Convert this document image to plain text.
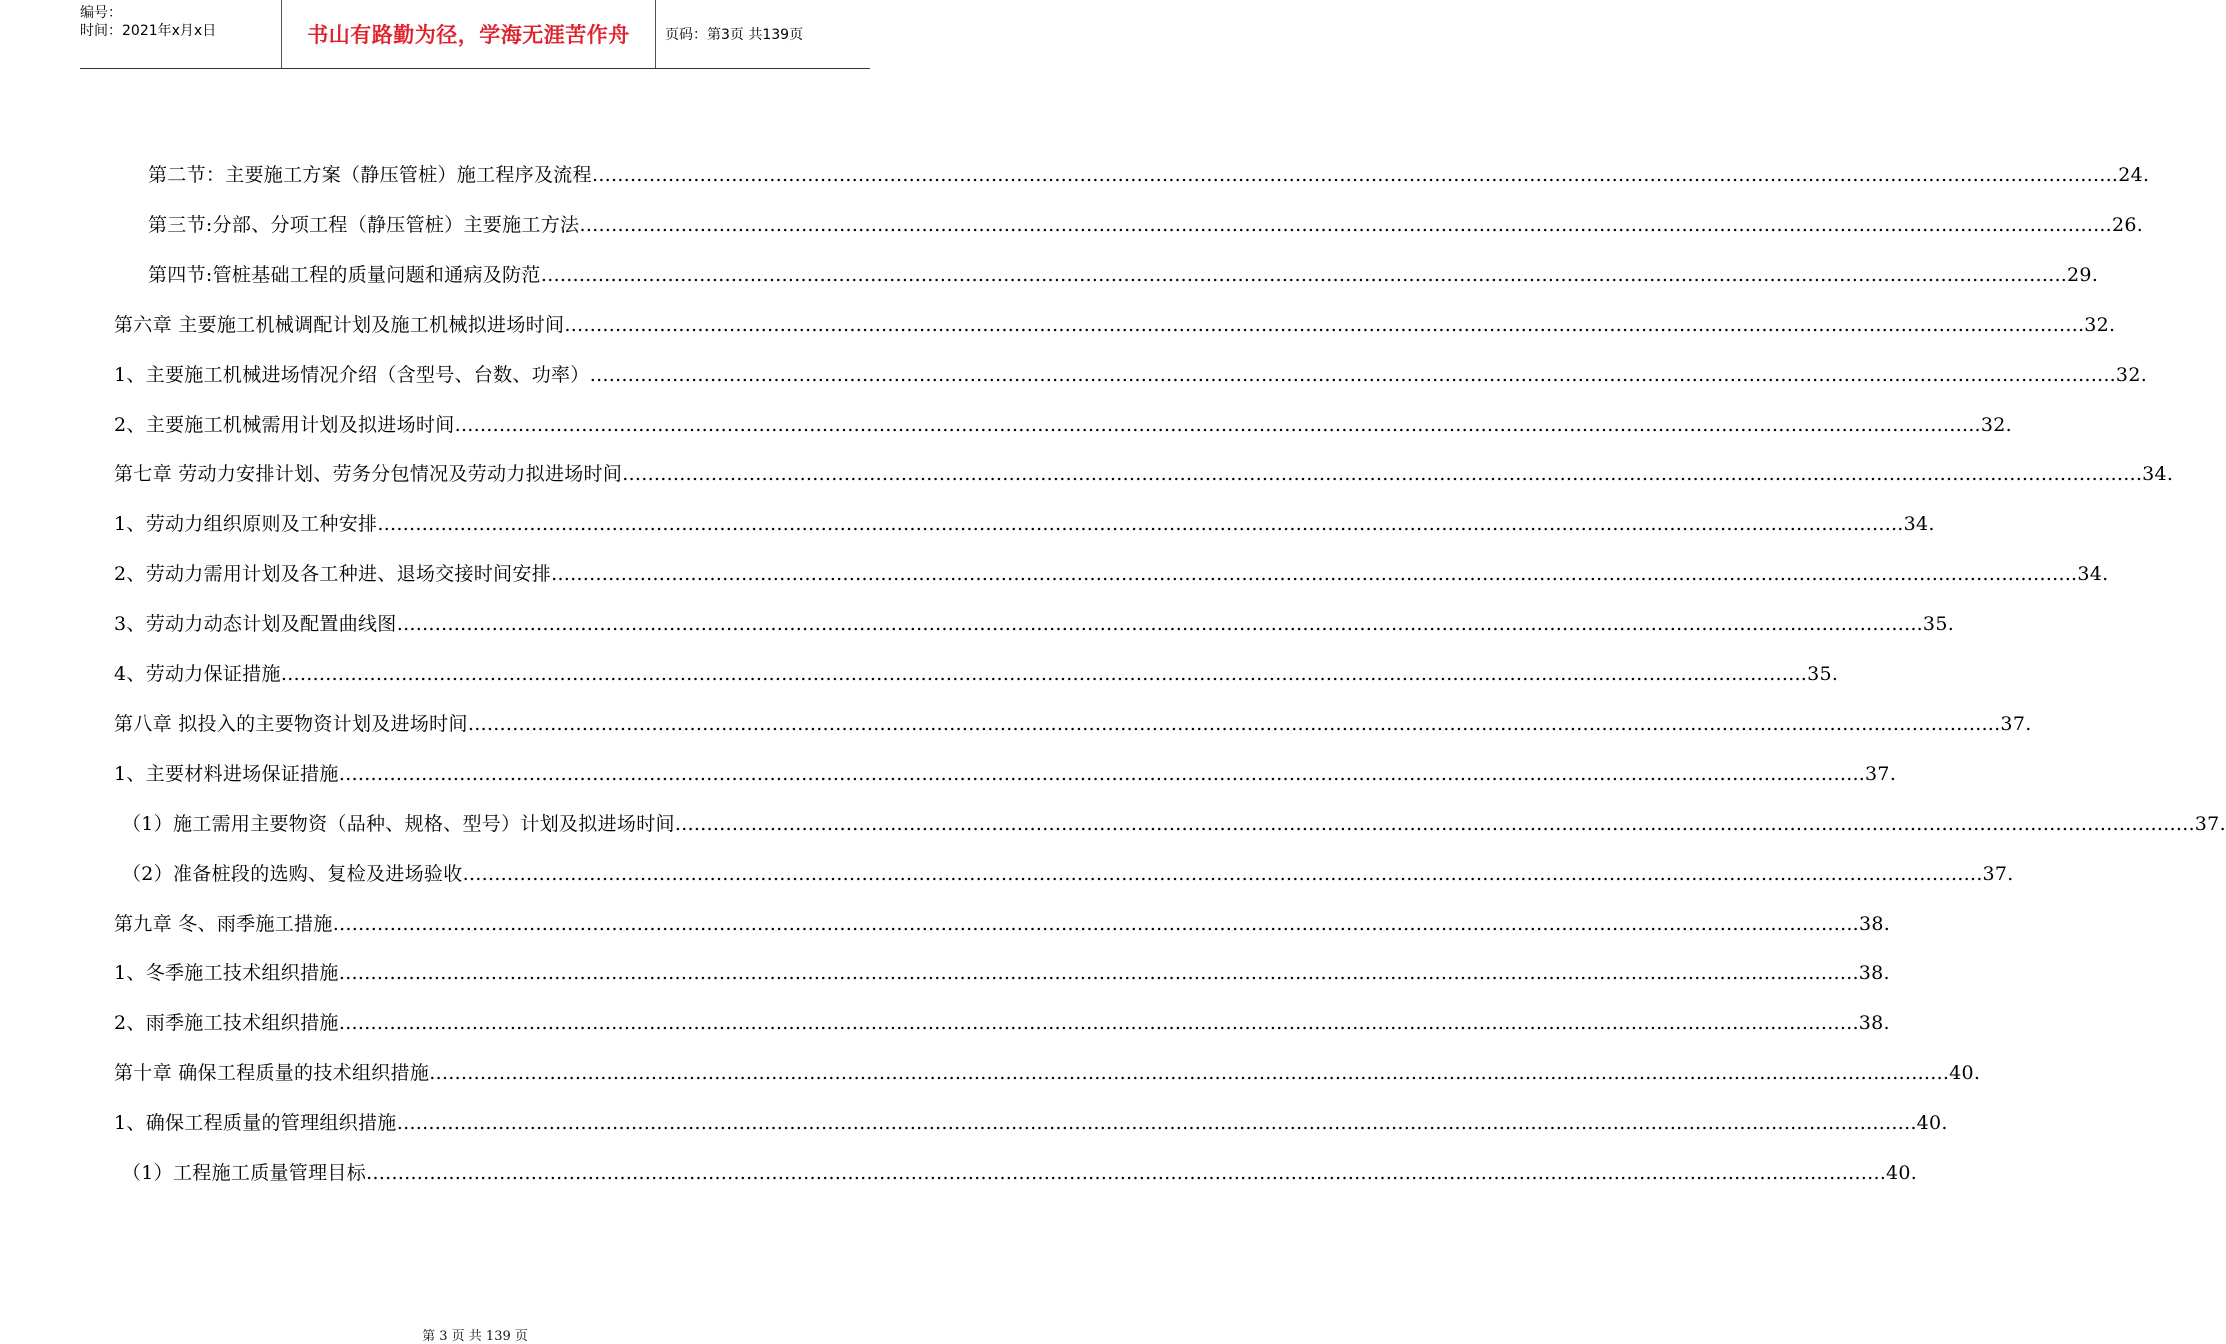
编号：
时间：2021年x月x日	书山有路勤为径，学海无涯苦作舟	页码：第3页 共139页
第二节：主要施工方案（静压管桩）施工程序及流程 …………………………………………………………………………………………………………………………………………………………………………………………………………………… .24.
第三节:分部、分项工程（静压管桩）主要施工方法 …………………………………………………………………………………………………………………………………………………………………………………………………………………… ..26.
第四节:管桩基础工程的质量问题和通病及防范 …………………………………………………………………………………………………………………………………………………………………………………………………………………… .29.
第六章 主要施工机械调配计划及施工机械拟进场时间 …………………………………………………………………………………………………………………………………………………………………………………………………………………… 32.
1、主要施工机械进场情况介绍（含型号、台数、功率） …………………………………………………………………………………………………………………………………………………………………………………………………………………… .32.
2、主要施工机械需用计划及拟进场时间 …………………………………………………………………………………………………………………………………………………………………………………………………………………… .32.
第七章 劳动力安排计划、劳务分包情况及劳动力拟进场时间 …………………………………………………………………………………………………………………………………………………………………………………………………………………… 34.
1、劳动力组织原则及工种安排 …………………………………………………………………………………………………………………………………………………………………………………………………………………… .34.
2、劳动力需用计划及各工种进、退场交接时间安排 …………………………………………………………………………………………………………………………………………………………………………………………………………………… .34.
3、劳动力动态计划及配置曲线图 …………………………………………………………………………………………………………………………………………………………………………………………………………………… .35.
4、劳动力保证措施 …………………………………………………………………………………………………………………………………………………………………………………………………………………… .35.
第八章 拟投入的主要物资计划及进场时间 …………………………………………………………………………………………………………………………………………………………………………………………………………………… ..37.
1、主要材料进场保证措施 …………………………………………………………………………………………………………………………………………………………………………………………………………………… .37.
（1）施工需用主要物资（品种、规格、型号）计划及拟进场时间 …………………………………………………………………………………………………………………………………………………………………………………………………………………… 37.
（2）准备桩段的选购、复检及进场验收 …………………………………………………………………………………………………………………………………………………………………………………………………………………… 37.
第九章 冬、雨季施工措施 …………………………………………………………………………………………………………………………………………………………………………………………………………………… .38.
1、冬季施工技术组织措施 …………………………………………………………………………………………………………………………………………………………………………………………………………………… 38.
2、雨季施工技术组织措施 …………………………………………………………………………………………………………………………………………………………………………………………………………………… 38.
第十章 确保工程质量的技术组织措施 …………………………………………………………………………………………………………………………………………………………………………………………………………………… 40.
1、确保工程质量的管理组织措施 …………………………………………………………………………………………………………………………………………………………………………………………………………………… 40.
（1）工程施工质量管理目标 …………………………………………………………………………………………………………………………………………………………………………………………………………………… 40.
第 3 页 共 139 页
